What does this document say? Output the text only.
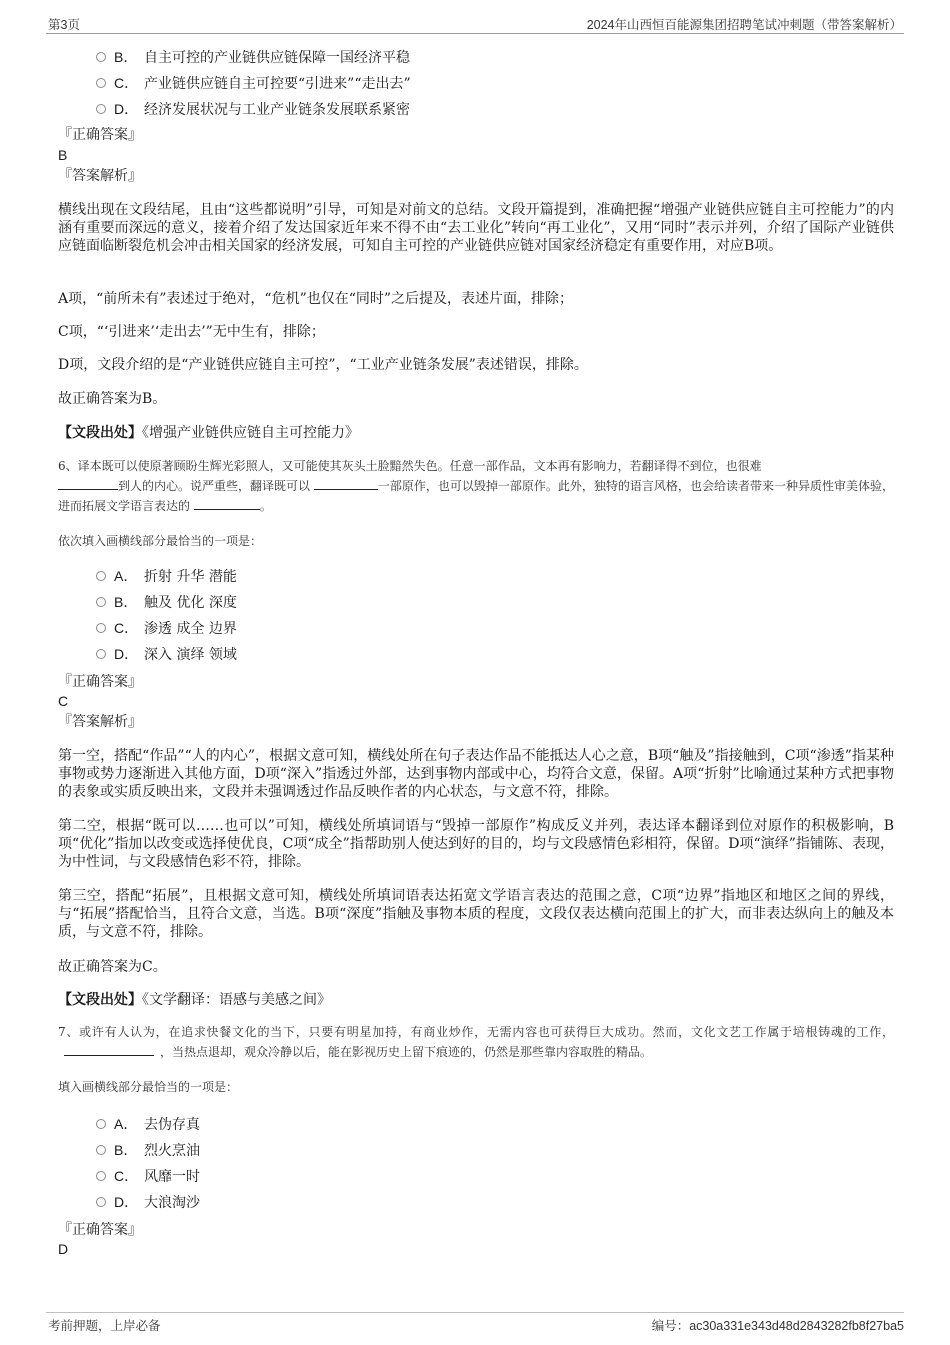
第3页	2024年山西恒百能源集团招聘笔试冲刺题（带答案解析）
B． 自主可控的产业链供应链保障一国经济平稳
C． 产业链供应链自主可控要“引进来”“走出去”
D． 经济发展状况与工业产业链条发展联系紧密
『正确答案』
B
『答案解析』
横线出现在文段结尾，且由“这些都说明”引导，可知是对前文的总结。文段开篇提到，准确把握“增强产业链供应链自主可控能力”的内涵有重要而深远的意义，接着介绍了发达国家近年来不得不由“去工业化”转向“再工业化”，又用“同时”表示并列，介绍了国际产业链供应链面临断裂危机会冲击相关国家的经济发展，可知自主可控的产业链供应链对国家经济稳定有重要作用，对应B项。
A项，“前所未有”表述过于绝对，“危机”也仅在“同时”之后提及，表述片面，排除；
C项，“‘引进来’‘走出去’”无中生有，排除；
D项，文段介绍的是“产业链供应链自主可控”，“工业产业链条发展”表述错误，排除。
故正确答案为B。
【文段出处】《增强产业链供应链自主可控能力》
6、译本既可以使原著顾盼生辉光彩照人，又可能使其灰头土脸黯然失色。任意一部作品，文本再有影响力，若翻译得不到位，也很难
到人的内心。说严重些，翻译既可以	一部原作，也可以毁掉一部原作。此外，独特的语言风格，也会给读者带来一种异质性审美体验，进而拓展文学语言表达的	。
依次填入画横线部分最恰当的一项是：
A． 折射 升华 潜能
B． 触及 优化 深度
C． 渗透 成全 边界
D． 深入 演绎 领域
『正确答案』
C
『答案解析』
第一空，搭配“作品”“人的内心”，根据文意可知，横线处所在句子表达作品不能抵达人心之意，B项“触及”指接触到，C项“渗透”指某种事物或势力逐渐进入其他方面，D项“深入”指透过外部，达到事物内部或中心，均符合文意，保留。A项“折射”比喻通过某种方式把事物的表象或实质反映出来，文段并未强调透过作品反映作者的内心状态，与文意不符，排除。
第二空，根据“既可以……也可以”可知，横线处所填词语与“毁掉一部原作”构成反义并列，表达译本翻译到位对原作的积极影响，B项“优化”指加以改变或选择使优良，C项“成全”指帮助别人使达到好的目的，均与文段感情色彩相符，保留。D项“演绎”指铺陈、表现，为中性词，与文段感情色彩不符，排除。
第三空，搭配“拓展”，且根据文意可知，横线处所填词语表达拓宽文学语言表达的范围之意，C项“边界”指地区和地区之间的界线，与“拓展”搭配恰当，且符合文意，当选。B项“深度”指触及事物本质的程度，文段仅表达横向范围上的扩大，而非表达纵向上的触及本质，与文意不符，排除。
故正确答案为C。
【文段出处】《文学翻译：语感与美感之间》
7、或许有人认为，在追求快餐文化的当下，只要有明星加持，有商业炒作，无需内容也可获得巨大成功。然而，文化文艺工作属于培根铸魂的工作， ，当热点退却，观众冷静以后，能在影视历史上留下痕迹的，仍然是那些靠内容取胜的精品。
填入画横线部分最恰当的一项是：
A． 去伪存真
B． 烈火烹油
C． 风靡一时
D． 大浪淘沙
『正确答案』
D
考前押题，上岸必备	编号：ac30a331e343d48d2843282fb8f27ba5
